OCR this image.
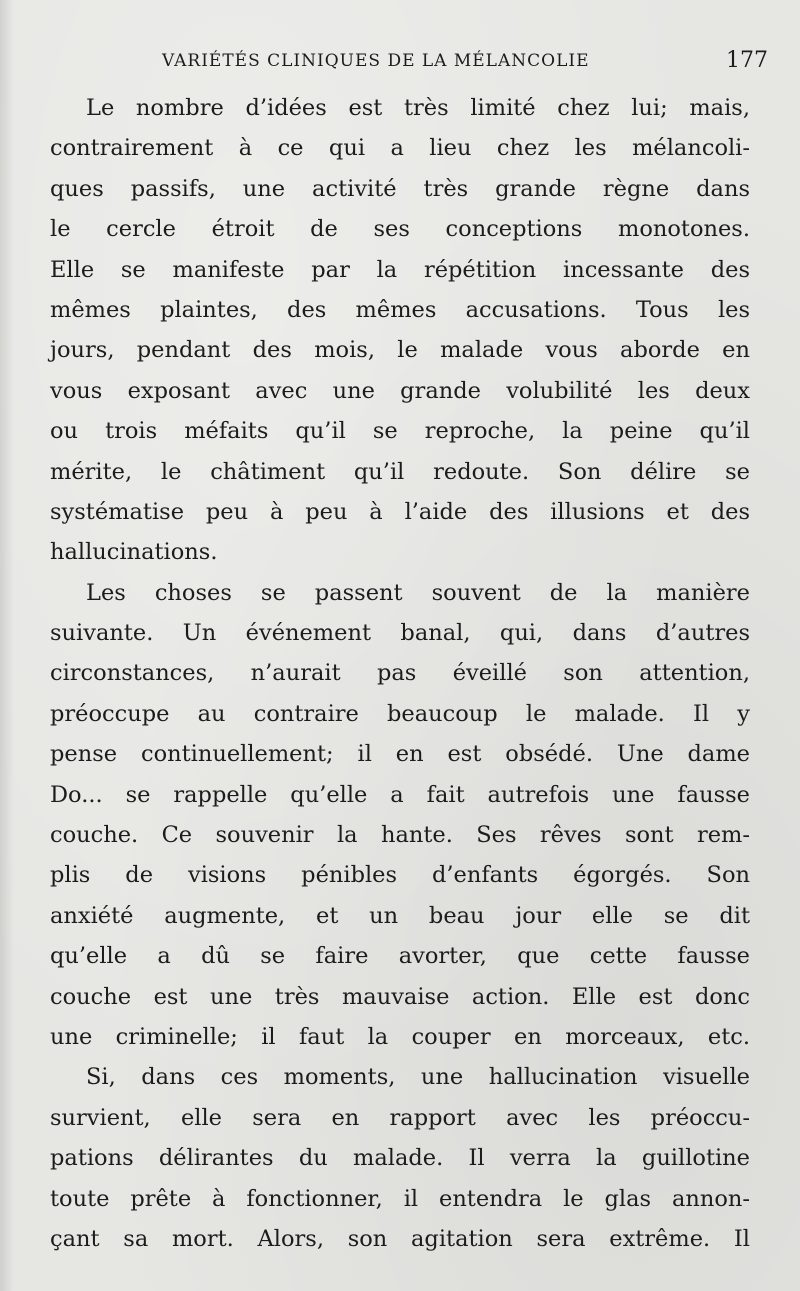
VARIÉTÉS CLINIQUES DE LA MÉLANCOLIE	177
Le nombre d’idées est très limité chez lui; mais,
contrairement à ce qui a lieu chez les mélancoli-
ques passifs, une activité très grande règne dans
le cercle étroit de ses conceptions monotones.
Elle se manifeste par la répétition incessante des
mêmes plaintes, des mêmes accusations. Tous les
jours, pendant des mois, le malade vous aborde en
vous exposant avec une grande volubilité les deux
ou trois méfaits qu’il se reproche, la peine qu’il
mérite, le châtiment qu’il redoute. Son délire se
systématise peu à peu à l’aide des illusions et des
hallucinations.
Les choses se passent souvent de la manière
suivante. Un événement banal, qui, dans d’autres
circonstances, n’aurait pas éveillé son attention,
préoccupe au contraire beaucoup le malade. Il y
pense continuellement; il en est obsédé. Une dame
Do... se rappelle qu’elle a fait autrefois une fausse
couche. Ce souvenir la hante. Ses rêves sont rem-
plis de visions pénibles d’enfants égorgés. Son
anxiété augmente, et un beau jour elle se dit
qu’elle a dû se faire avorter, que cette fausse
couche est une très mauvaise action. Elle est donc
une criminelle; il faut la couper en morceaux, etc.
Si, dans ces moments, une hallucination visuelle
survient, elle sera en rapport avec les préoccu-
pations délirantes du malade. Il verra la guillotine
toute prête à fonctionner, il entendra le glas annon-
çant sa mort. Alors, son agitation sera extrême. Il
